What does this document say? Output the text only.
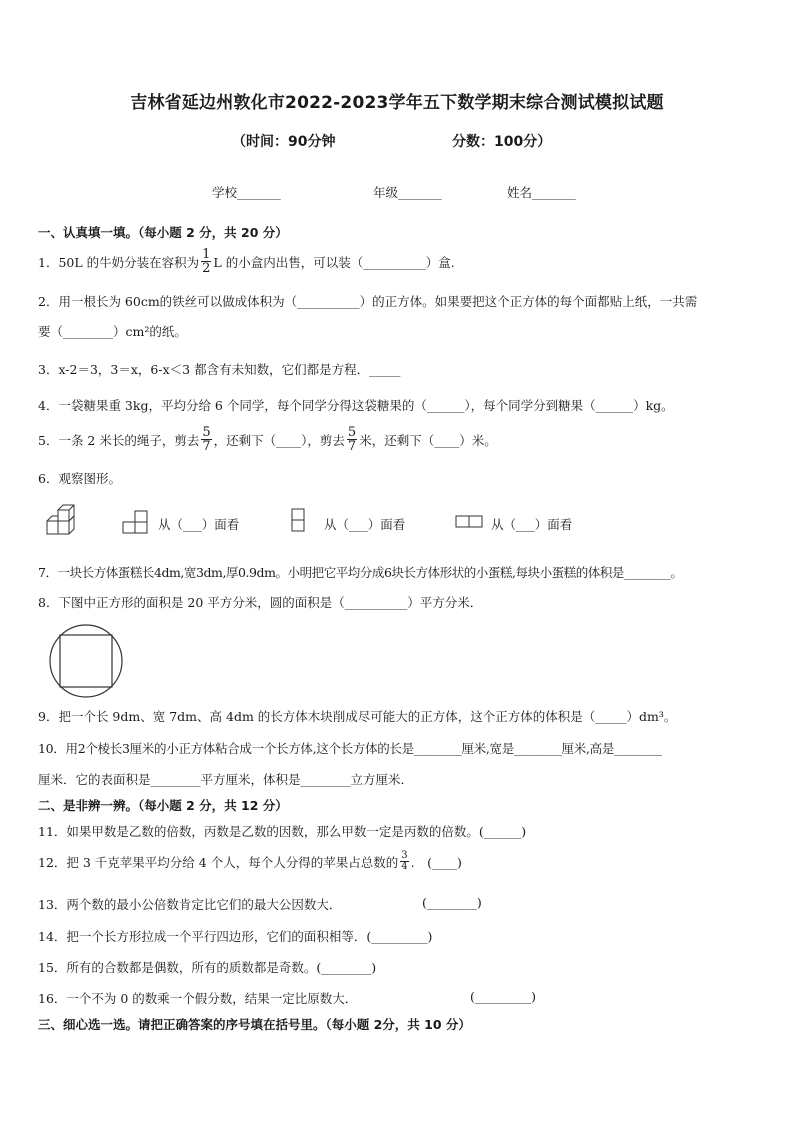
吉林省延边州敦化市2022-2023学年五下数学期末综合测试模拟试题
（时间：90分钟	分数：100分）
学校_______	年级_______	姓名_______
一、认真填一填。（每小题 2 分，共 20 分）
1．50L 的牛奶分装在容积为 $\frac{1}{2}$ L 的小盒内出售，可以装（__________）盒.
2．用一根长为 60cm的铁丝可以做成体积为（__________）的正方体。如果要把这个正方体的每个面都贴上纸，一共需
要（________）cm²的纸。
3．x-2＝3，3＝x，6-x＜3 都含有未知数，它们都是方程．_____
4．一袋糖果重 3kg，平均分给 6 个同学，每个同学分得这袋糖果的（______），每个同学分到糖果（______）kg。
5．一条 2 米长的绳子，剪去 $\frac{5}{7}$ ，还剩下（____），剪去 $\frac{5}{7}$ 米，还剩下（____）米。
6．观察图形。
从（___）面看	从（___）面看	从（___）面看
7．一块长方体蛋糕长4dm,宽3dm,厚0.9dm。小明把它平均分成6块长方体形状的小蛋糕,每块小蛋糕的体积是________。
8．下图中正方形的面积是 20 平方分米，圆的面积是（__________）平方分米．
9．把一个长 9dm、宽 7dm、高 4dm 的长方体木块削成尽可能大的正方体，这个正方体的体积是（_____）dm³。
10．用2个棱长3厘米的小正方体粘合成一个长方体,这个长方体的长是________厘米,宽是________厘米,高是________
厘米．它的表面积是________平方厘米，体积是________立方厘米．
二、是非辨一辨。（每小题 2 分，共 12 分）
11．如果甲数是乙数的倍数，丙数是乙数的因数，那么甲数一定是丙数的倍数。(______)
12．把 3 千克苹果平均分给 4 个人，每个人分得的苹果占总数的 $\frac{3}{4}$ .　(____)
13．两个数的最小公倍数肯定比它们的最大公因数大．	(________)
14．把一个长方形拉成一个平行四边形，它们的面积相等．(_________)
15．所有的合数都是偶数，所有的质数都是奇数。(________)
16．一个不为 0 的数乘一个假分数，结果一定比原数大．	(_________)
三、细心选一选。请把正确答案的序号填在括号里。（每小题 2分，共 10 分）
